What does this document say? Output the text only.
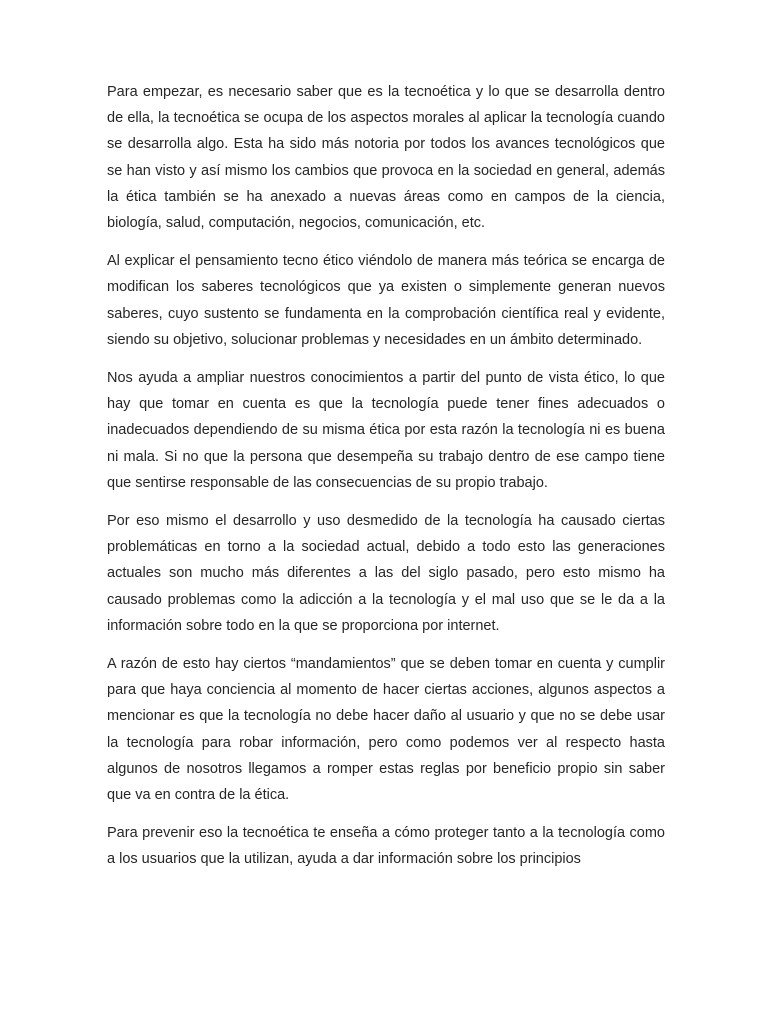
Para empezar, es necesario saber que es la tecnoética y lo que se desarrolla dentro de ella, la tecnoética se ocupa de los aspectos morales al aplicar la tecnología cuando se desarrolla algo. Esta ha sido más notoria por todos los avances tecnológicos que se han visto y así mismo los cambios que provoca en la sociedad en general, además la ética también se ha anexado a nuevas áreas como en campos de la ciencia, biología, salud, computación, negocios, comunicación, etc.

Al explicar el pensamiento tecno ético viéndolo de manera más teórica se encarga de modifican los saberes tecnológicos que ya existen o simplemente generan nuevos saberes, cuyo sustento se fundamenta en la comprobación científica real y evidente, siendo su objetivo, solucionar problemas y necesidades en un ámbito determinado.

Nos ayuda a ampliar nuestros conocimientos a partir del punto de vista ético, lo que hay que tomar en cuenta es que la tecnología puede tener fines adecuados o inadecuados dependiendo de su misma ética por esta razón la tecnología ni es buena ni mala. Si no que la persona que desempeña su trabajo dentro de ese campo tiene que sentirse responsable de las consecuencias de su propio trabajo.

Por eso mismo el desarrollo y uso desmedido de la tecnología ha causado ciertas problemáticas en torno a la sociedad actual, debido a todo esto las generaciones actuales son mucho más diferentes a las del siglo pasado, pero esto mismo ha causado problemas como la adicción a la tecnología y el mal uso que se le da a la información sobre todo en la que se proporciona por internet.

A razón de esto hay ciertos “mandamientos” que se deben tomar en cuenta y cumplir para que haya conciencia al momento de hacer ciertas acciones, algunos aspectos a mencionar es que la tecnología no debe hacer daño al usuario y que no se debe usar la tecnología para robar información, pero como podemos ver al respecto hasta algunos de nosotros llegamos a romper estas reglas por beneficio propio sin saber que va en contra de la ética.

Para prevenir eso la tecnoética te enseña a cómo proteger tanto a la tecnología como a los usuarios que la utilizan, ayuda a dar información sobre los principios
